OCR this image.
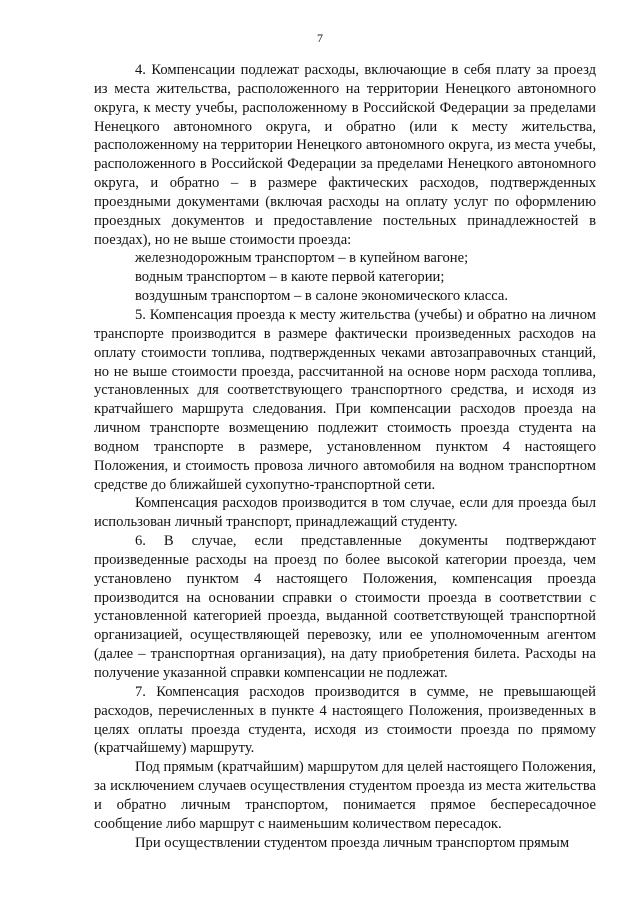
7

4. Компенсации подлежат расходы, включающие в себя плату за проезд из места жительства, расположенного на территории Ненецкого автономного округа, к месту учебы, расположенному в Российской Федерации за пределами Ненецкого автономного округа, и обратно (или к месту жительства, расположенному на территории Ненецкого автономного округа, из места учебы, расположенного в Российской Федерации за пределами Ненецкого автономного округа, и обратно – в размере фактических расходов, подтвержденных проездными документами (включая расходы на оплату услуг по оформлению проездных документов и предоставление постельных принадлежностей в поездах), но не выше стоимости проезда:

железнодорожным транспортом – в купейном вагоне;

водным транспортом – в каюте первой категории;

воздушным транспортом – в салоне экономического класса.

5. Компенсация проезда к месту жительства (учебы) и обратно на личном транспорте производится в размере фактически произведенных расходов на оплату стоимости топлива, подтвержденных чеками автозаправочных станций, но не выше стоимости проезда, рассчитанной на основе норм расхода топлива, установленных для соответствующего транспортного средства, и исходя из кратчайшего маршрута следования. При компенсации расходов проезда на личном транспорте возмещению подлежит стоимость проезда студента на водном транспорте в размере, установленном пунктом 4 настоящего Положения, и стоимость провоза личного автомобиля на водном транспортном средстве до ближайшей сухопутно-транспортной сети.

Компенсация расходов производится в том случае, если для проезда был использован личный транспорт, принадлежащий студенту.

6. В случае, если представленные документы подтверждают произведенные расходы на проезд по более высокой категории проезда, чем установлено пунктом 4 настоящего Положения, компенсация проезда производится на основании справки о стоимости проезда в соответствии с установленной категорией проезда, выданной соответствующей транспортной организацией, осуществляющей перевозку, или ее уполномоченным агентом (далее – транспортная организация), на дату приобретения билета. Расходы на получение указанной справки компенсации не подлежат.

7. Компенсация расходов производится в сумме, не превышающей расходов, перечисленных в пункте 4 настоящего Положения, произведенных в целях оплаты проезда студента, исходя из стоимости проезда по прямому (кратчайшему) маршруту.

Под прямым (кратчайшим) маршрутом для целей настоящего Положения, за исключением случаев осуществления студентом проезда из места жительства и обратно личным транспортом, понимается прямое беспересадочное сообщение либо маршрут с наименьшим количеством пересадок.

При осуществлении студентом проезда личным транспортом прямым
